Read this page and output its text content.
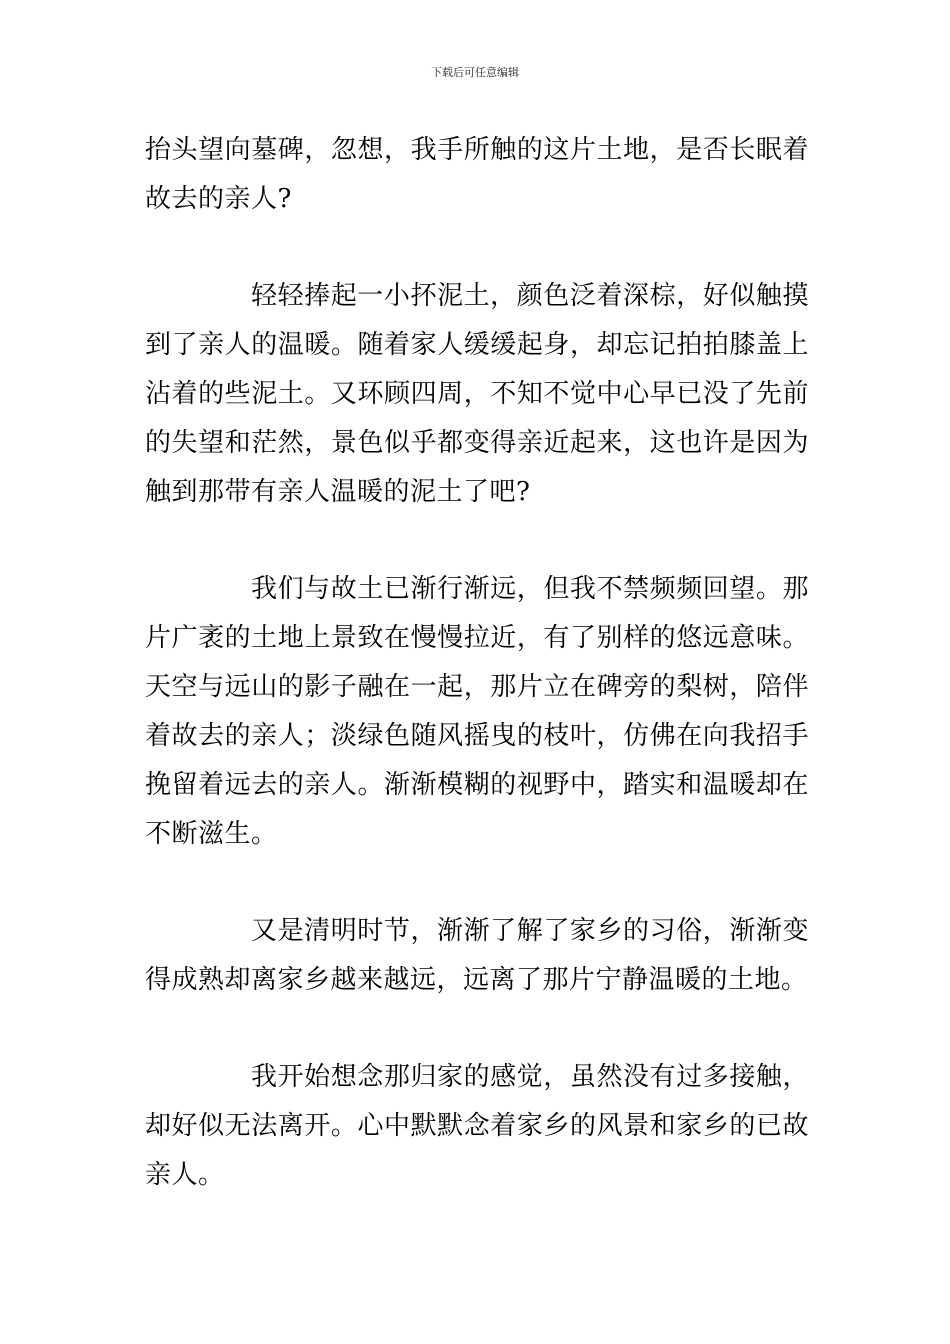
下载后可任意编辑

抬头望向墓碑，忽想，我手所触的这片土地，是否长眠着故去的亲人?

轻轻捧起一小抔泥土，颜色泛着深棕，好似触摸到了亲人的温暖。随着家人缓缓起身，却忘记拍拍膝盖上沾着的些泥土。又环顾四周，不知不觉中心早已没了先前的失望和茫然，景色似乎都变得亲近起来，这也许是因为触到那带有亲人温暖的泥土了吧?

我们与故土已渐行渐远，但我不禁频频回望。那片广袤的土地上景致在慢慢拉近，有了别样的悠远意味。天空与远山的影子融在一起，那片立在碑旁的梨树，陪伴着故去的亲人；淡绿色随风摇曳的枝叶，仿佛在向我招手挽留着远去的亲人。渐渐模糊的视野中，踏实和温暖却在不断滋生。

又是清明时节，渐渐了解了家乡的习俗，渐渐变得成熟却离家乡越来越远，远离了那片宁静温暖的土地。

我开始想念那归家的感觉，虽然没有过多接触，却好似无法离开。心中默默念着家乡的风景和家乡的已故亲人。
